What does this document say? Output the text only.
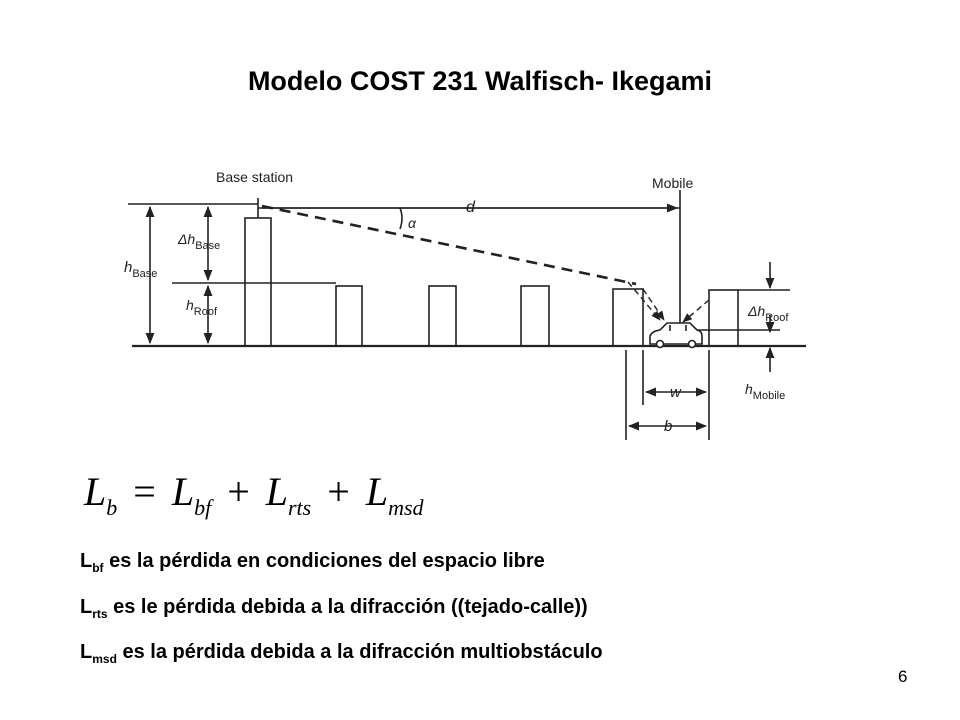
Modelo COST 231 Walfisch- Ikegami
Base station	Mobile
d
α
$\Delta h_{Base}$
$h_{Base}$
$h_{Roof}$	$\Delta h_{Roof}$
$h_{Mobile}$
w
b
$L_b = L_{bf} + L_{rts} + L_{msd}$
$L_{bf}$ es la pérdida en condiciones del espacio libre
$L_{rts}$ es le pérdida debida a la difracción ((tejado-calle))
$L_{msd}$ es la pérdida debida a la difracción multiobstáculo
6
